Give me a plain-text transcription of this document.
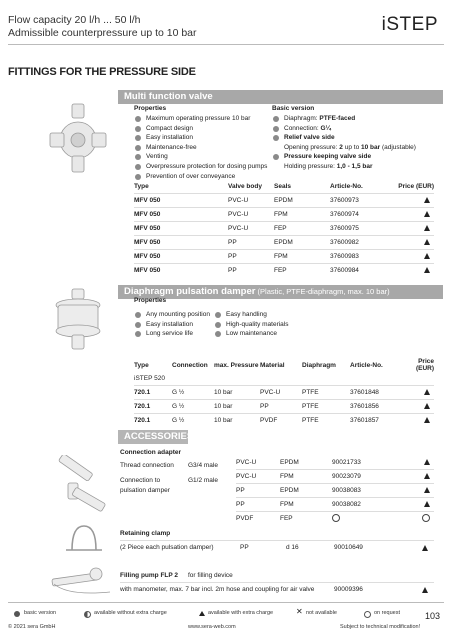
Flow capacity 20 l/h ... 50 l/h
Admissible counterpressure up to 10 bar	iSTEP
FITTINGS FOR THE PRESSURE SIDE
Multi function valve
Properties
Maximum operating pressure 10 bar
Compact design
Easy installation
Maintenance-free
Venting
Overpressure protection for dosing pumps
Prevention of over conveyance
Basic version
Diaphragm: PTFE-faced
Connection: G¼
Relief valve side
Opening pressure: 2 up to 10 bar (adjustable)
Pressure keeping valve side
Holding pressure: 1,0 - 1,5 bar
Type	Valve body	Seals	Article-No.	Price (EUR)
MFV 050	PVC-U	EPDM	37600973	
MFV 050	PVC-U	FPM	37600974	
MFV 050	PVC-U	FEP	37600975	
MFV 050	PP	EPDM	37600982	
MFV 050	PP	FPM	37600983	
MFV 050	PP	FEP	37600984	
Diaphragm pulsation damper (Plastic, PTFE-diaphragm, max. 10 bar)
Properties
Any mounting position
Easy installation
Long service life
Easy handling
High-quality materials
Low maintenance
Type	Connection	max. Pressure	Material	Diaphragm	Article-No.	Price (EUR)
iSTEP 520						
720.1	G ½	10 bar	PVC-U	PTFE	37601848	
720.1	G ½	10 bar	PP	PTFE	37601856	
720.1	G ½	10 bar	PVDF	PTFE	37601857	
ACCESSORIES
Connection adapter
Thread connection G3/4 male
Connection to pulsation damper
G1/2 male
PVC-U	EPDM	90021733	
PVC-U	FPM	90023079	
PP	EPDM	90038083	
PP	FPM	90038082	
PVDF	FEP		
Retaining clamp
(2 Piece each pulsation damper)	PP	d 16	90010649
Filling pump FLP 2 for filling device
with manometer, max. 7 bar incl. 2m hose and coupling for air valve	90009396
basic version	available without extra charge	available with extra charge	✕ not available	on request	103
© 2021 sera GmbH	www.sera-web.com	Subject to technical modification!
